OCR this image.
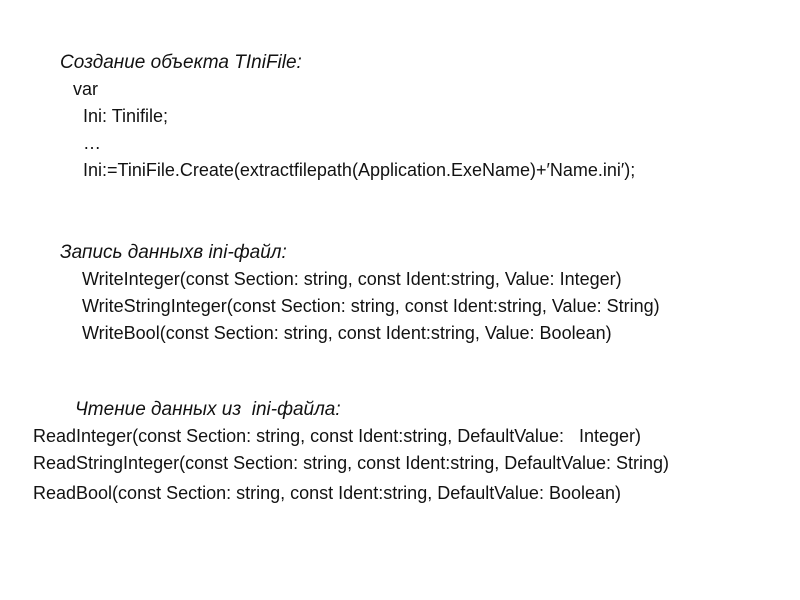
Создание объекта TIniFile:
var
Ini: Tinifile;
…
Ini:=TiniFile.Create(extractfilepath(Application.ExeName)+′Name.ini′);
Запись данныхв ini-файл:
WriteInteger(const Section: string, const Ident:string, Value: Integer)
WriteStringInteger(const Section: string, const Ident:string, Value: String)
WriteBool(const Section: string, const Ident:string, Value: Boolean)
Чтение данных из  ini-файла:
ReadInteger(const Section: string, const Ident:string, DefaultValue:   Integer)
ReadStringInteger(const Section: string, const Ident:string, DefaultValue: String)
ReadBool(const Section: string, const Ident:string, DefaultValue: Boolean)
